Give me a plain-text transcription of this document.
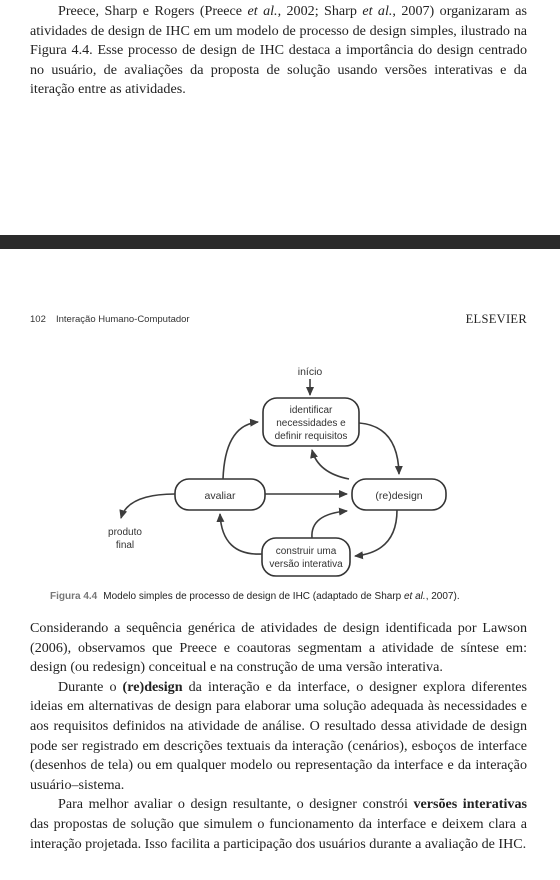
Preece, Sharp e Rogers (Preece et al., 2002; Sharp et al., 2007) organizaram as atividades de design de IHC em um modelo de processo de design simples, ilustrado na Figura 4.4. Esse processo de design de IHC destaca a importância do design centrado no usuário, de avaliações da proposta de solução usando versões interativas e da iteração entre as atividades.

102 Interação Humano-Computador	ELSEVIER
início
identificar
necessidades e
definir requisitos
avaliar	(re)design
construir uma
versão interativa
produto
final
Figura 4.4 Modelo simples de processo de design de IHC (adaptado de Sharp et al., 2007).

Considerando a sequência genérica de atividades de design identificada por Lawson (2006), observamos que Preece e coautoras segmentam a atividade de síntese em: design (ou redesign) conceitual e na construção de uma versão interativa.

Durante o (re)design da interação e da interface, o designer explora diferentes ideias em alternativas de design para elaborar uma solução adequada às necessidades e aos requisitos definidos na atividade de análise. O resultado dessa atividade de design pode ser registrado em descrições textuais da interação (cenários), esboços de interface (desenhos de tela) ou em qualquer modelo ou representação da interface e da interação usuário–sistema.

Para melhor avaliar o design resultante, o designer constrói versões interativas das propostas de solução que simulem o funcionamento da interface e deixem clara a interação projetada. Isso facilita a participação dos usuários durante a avaliação de IHC.
